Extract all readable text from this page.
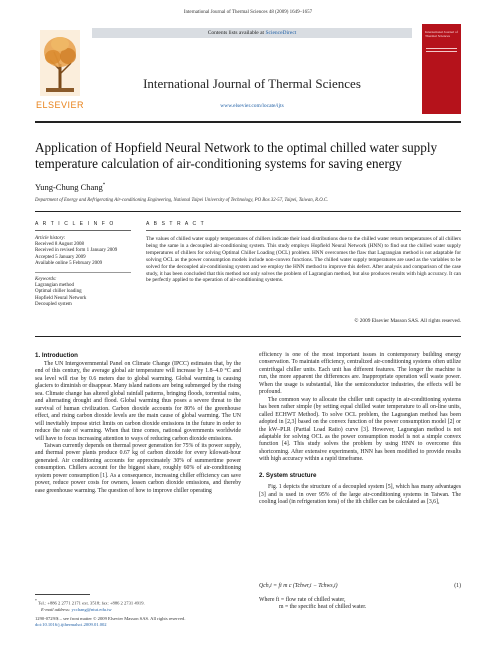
International Journal of Thermal Sciences 48 (2009) 1649–1657
ELSEVIER
Contents lists available at ScienceDirect
International Journal of Thermal Sciences
www.elsevier.com/locate/ijts
International Journal of Thermal Sciences
Application of Hopfield Neural Network to the optimal chilled water supply temperature calculation of air-conditioning systems for saving energy
Yung-Chung Chang*
Department of Energy and Refrigerating Air-conditioning Engineering, National Taipei University of Technology, PO Box 32-57, Taipei, Taiwan, R.O.C.
A R T I C L E I N F O	A B S T R A C T
Article history:
Received 8 August 2008
Received in revised form 1 January 2009
Accepted 5 January 2009
Available online 5 February 2009
Keywords:
Lagrangian method
Optimal chiller loading
Hopfield Neural Network
Decoupled system
The values of chilled water supply temperatures of chillers indicate their load distributions due to the chilled water return temperatures of all chillers being the same in a decoupled air-conditioning system. This study employs Hopfield Neural Network (HNN) to find out the chilled water supply temperatures of chillers for solving Optimal Chiller Loading (OCL) problem. HNN overcomes the flaw that Lagrangian method is not adaptable for solving OCL as the power consumption models include non-convex functions. The chilled water supply temperatures are used as the variables to be solved for the decoupled air-conditioning system and we employ the HNN method to improve this defect. After analysis and comparison of the case study, it has been concluded that this method not only solves the problem of Lagrangian method, but also produces results with high accuracy. It can be perfectly applied to the operation of air-conditioning systems.
© 2009 Elsevier Masson SAS. All rights reserved.
1. Introduction

The UN Intergovernmental Panel on Climate Change (IPCC) estimates that, by the end of this century, the average global air temperature will increase by 1.8–4.0 °C and sea level will rise by 0.6 meters due to global warming. Global warming is causing glaciers to diminish or disappear. Many island nations are being submerged by the rising sea. Climate change has altered global rainfall patterns, bringing floods, torrential rains, and alternating drought and flood. Global warming thus poses a severe threat to the survival of human civilization. Carbon dioxide accounts for 80% of the greenhouse effect, and rising carbon dioxide levels are the main cause of global warming. The UN will inevitably impose strict limits on carbon dioxide emissions in the future in order to reduce the rate of warming. When that time comes, national governments worldwide will have to focus increasing attention to ways of reducing carbon dioxide emissions.

Taiwan currently depends on thermal power generation for 75% of its power supply, and thermal power plants produce 0.67 kg of carbon dioxide for every kilowatt-hour generated. Air conditioning accounts for approximately 30% of summertime power consumption. Chillers account for the biggest share, roughly 60% of air-conditioning system power consumption [1]. As a consequence, increasing chiller efficiency can save power, reduce power costs for owners, lessen carbon dioxide emissions, and thereby ease greenhouse warming. The question of how to improve chiller operating

efficiency is one of the most important issues in contemporary building energy conservation. To maintain efficiency, centralized air-conditioning systems often utilize centrifugal chiller units. Each unit has different features. The longer the machine is run, the more apparent the differences are. Inappropriate operation will waste power. When the usage is substantial, like the semiconductor industries, the effects will be profound.

The common way to allocate the chiller unit capacity in air-conditioning systems has been rather simple (by setting equal chilled water temperature to all on-line units, called ECHWT Method). To solve OCL problem, the Lagrangian method has been adopted in [2,3] based on the convex function of the power consumption model [2] or the kW–PLR (Partial Load Ratio) curve [3]. However, Lagrangian method is not adaptable for solving OCL as the power consumption model is not a simple convex function [4]. This study solves the problem by using HNN to overcome this shortcoming. After extensive experiments, HNN has been modified to provide results with high accuracy within a rapid timeframe.

2. System structure

Fig. 1 depicts the structure of a decoupled system [5], which has many advantages [3] and is used in over 95% of the large air-conditioning systems in Taiwan. The cooling load (in refrigeration tons) of the ith chiller can be calculated as [3,6],

Qch,i = fi m c (Tchwr,i − Tchws,i)	(1)
Where fi = flow rate of chilled water,
m = the specific heat of chilled water.
* Tel.: +886 2 2771 2171 ext. 3518; fax: +886 2 2731 4919.
E-mail address: ycchang@ntut.edu.tw
1290-0729/$ – see front matter © 2009 Elsevier Masson SAS. All rights reserved.
doi:10.1016/j.ijthermalsci.2009.01.002
